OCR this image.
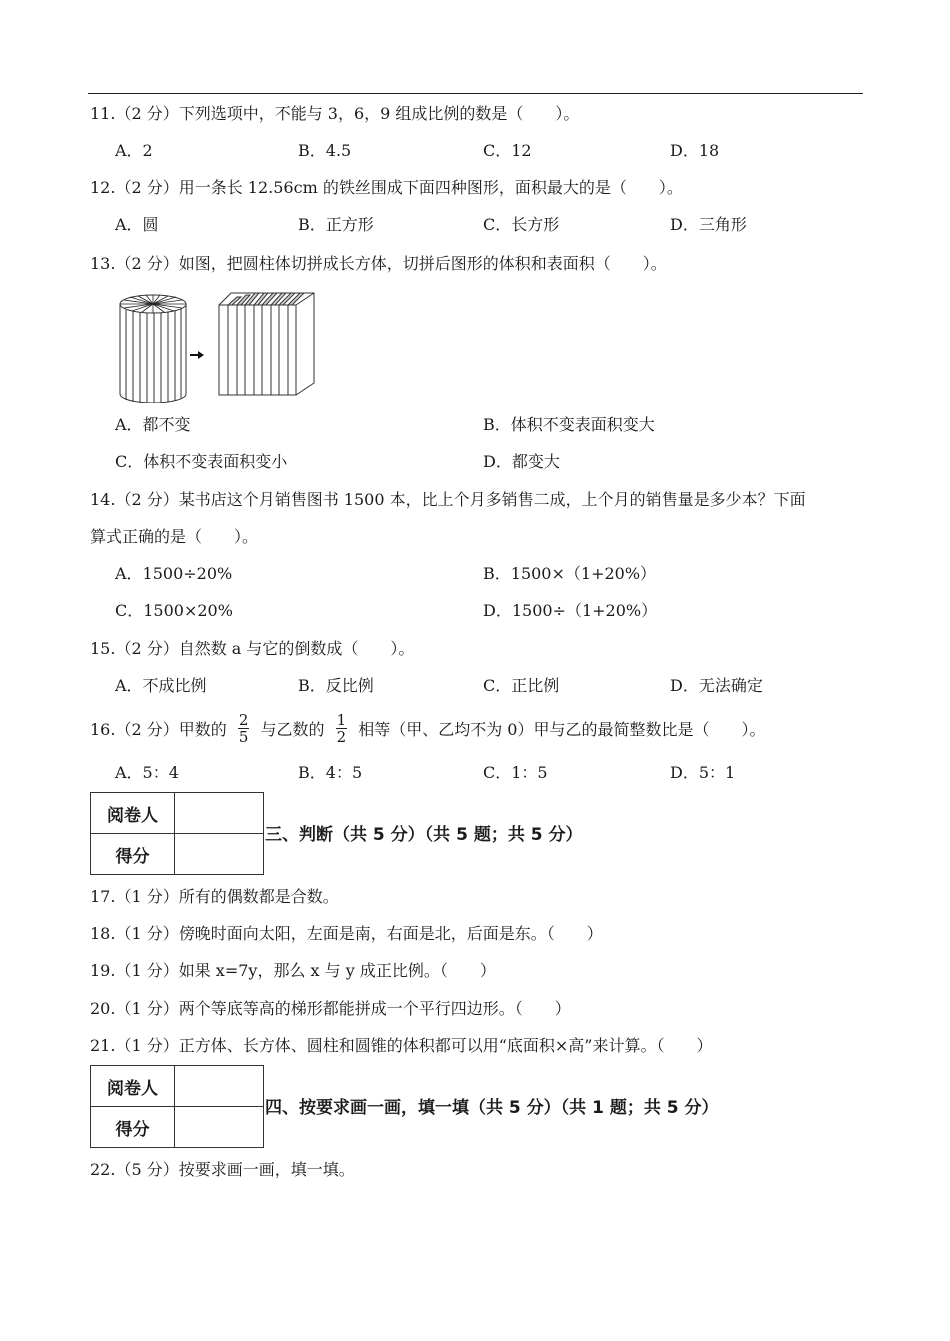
11.（2 分）下列选项中，不能与 3，6，9 组成比例的数是（　　）。
A．2	B．4.5	C．12	D．18
12.（2 分）用一条长 12.56cm 的铁丝围成下面四种图形，面积最大的是（　　）。
A．圆	B．正方形	C．长方形	D．三角形
13.（2 分）如图，把圆柱体切拼成长方体，切拼后图形的体积和表面积（　　）。
A．都不变	B．体积不变表面积变大
C．体积不变表面积变小	D．都变大
14.（2 分）某书店这个月销售图书 1500 本，比上个月多销售二成，上个月的销售量是多少本？下面
算式正确的是（　　）。
A．1500÷20%	B．1500×（1+20%）
C．1500×20%	D．1500÷（1+20%）
15.（2 分）自然数 a 与它的倒数成（　　）。
A．不成比例	B．反比例	C．正比例	D．无法确定
16.（2 分）甲数的 $\frac{2}{5}$ 与乙数的 $\frac{1}{2}$ 相等（甲、乙均不为 0）甲与乙的最简整数比是（　　）。
A．5：4	B．4：5	C．1：5	D．5：1
阅卷人	
得分	
三、判断（共 5 分）（共 5 题；共 5 分）
17.（1 分）所有的偶数都是合数。
18.（1 分）傍晚时面向太阳，左面是南，右面是北，后面是东。（　　）
19.（1 分）如果 x=7y，那么 x 与 y 成正比例。（　　）
20.（1 分）两个等底等高的梯形都能拼成一个平行四边形。（　　）
21.（1 分）正方体、长方体、圆柱和圆锥的体积都可以用“底面积×高”来计算。（　　）
阅卷人	
得分	
四、按要求画一画，填一填（共 5 分）（共 1 题；共 5 分）
22.（5 分）按要求画一画，填一填。
